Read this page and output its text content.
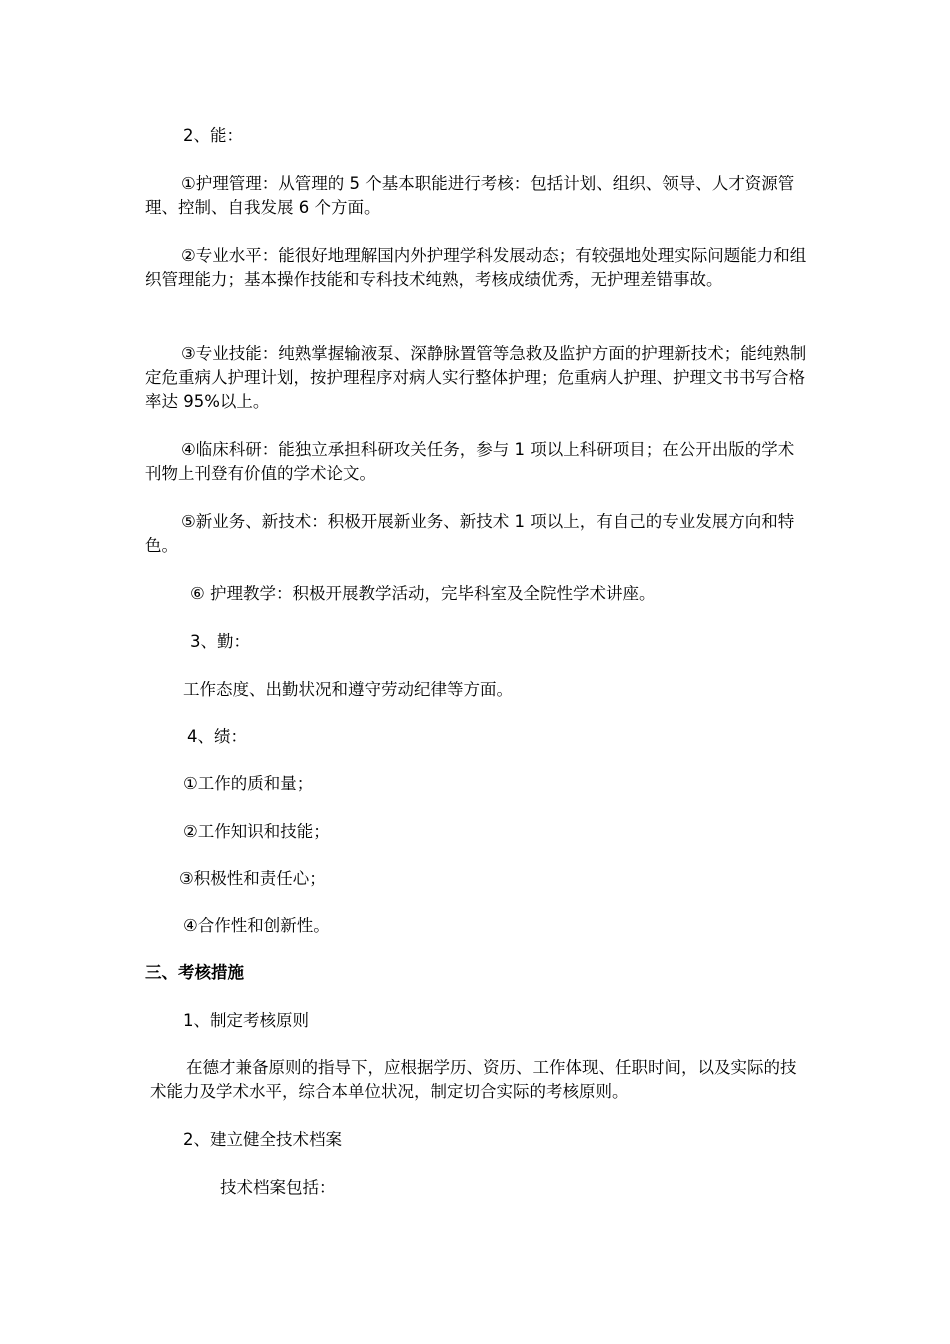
2、能：

①护理管理：从管理的 5 个基本职能进行考核：包括计划、组织、领导、人才资源管理、控制、自我发展 6 个方面。

②专业水平：能很好地理解国内外护理学科发展动态；有较强地处理实际问题能力和组织管理能力；基本操作技能和专科技术纯熟，考核成绩优秀，无护理差错事故。

③专业技能：纯熟掌握输液泵、深静脉置管等急救及监护方面的护理新技术；能纯熟制定危重病人护理计划，按护理程序对病人实行整体护理；危重病人护理、护理文书书写合格率达 95%以上。

④临床科研：能独立承担科研攻关任务，参与 1 项以上科研项目；在公开出版的学术刊物上刊登有价值的学术论文。

⑤新业务、新技术：积极开展新业务、新技术 1 项以上，有自己的专业发展方向和特色。

⑥ 护理教学：积极开展教学活动，完毕科室及全院性学术讲座。

3、勤：

工作态度、出勤状况和遵守劳动纪律等方面。

4、绩：

①工作的质和量；

②工作知识和技能；

③积极性和责任心；

④合作性和创新性。

三、考核措施

1、制定考核原则

在德才兼备原则的指导下，应根据学历、资历、工作体现、任职时间，以及实际的技术能力及学术水平，综合本单位状况，制定切合实际的考核原则。

2、建立健全技术档案

技术档案包括：
